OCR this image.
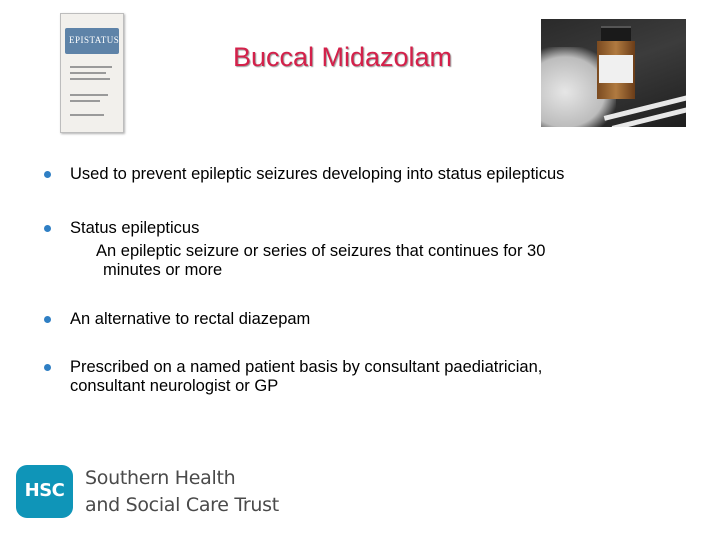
EPISTATUS
Buccal Midazolam
Used to prevent epileptic seizures developing into status epilepticus
Status epilepticus
An epileptic seizure or series of seizures that continues for 30
minutes or more
An alternative to rectal diazepam
Prescribed on a named patient basis by consultant paediatrician,
consultant neurologist or GP
HSC
Southern Health
and Social Care Trust
